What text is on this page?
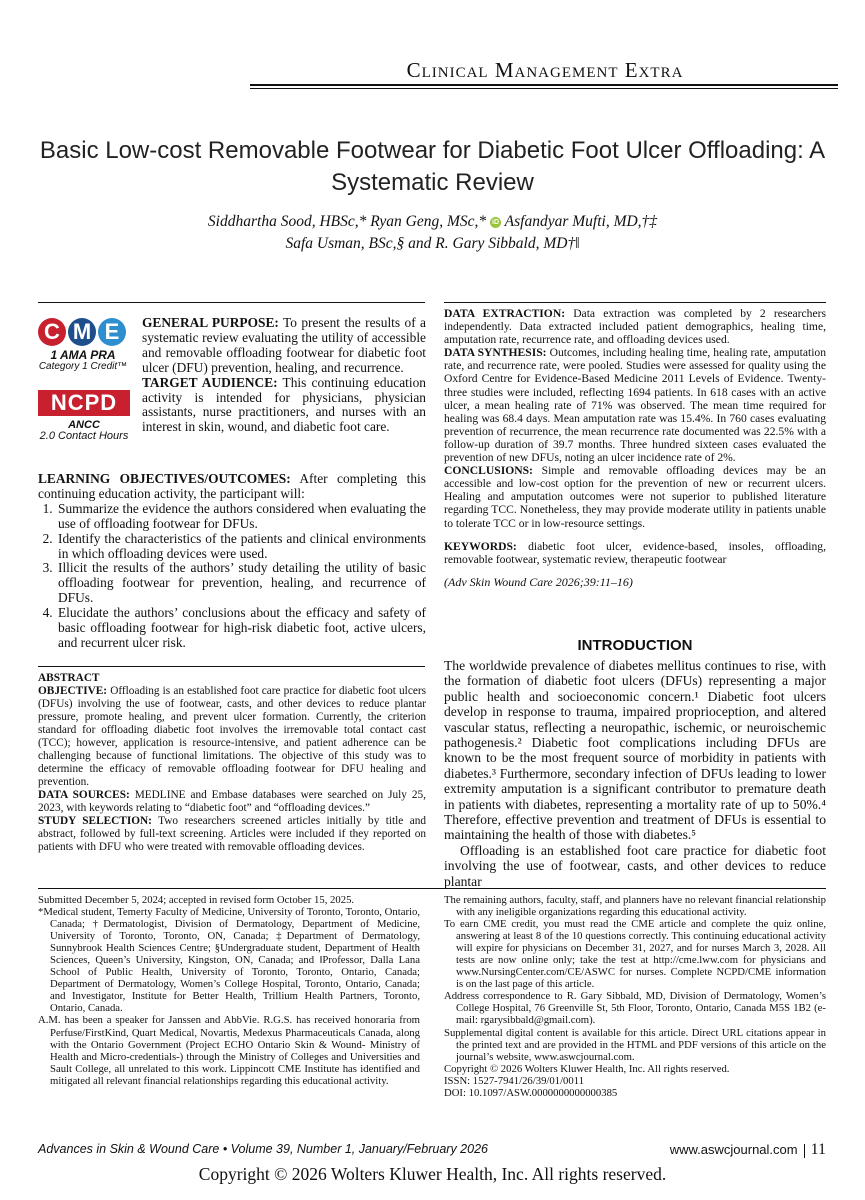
Clinical Management Extra
Basic Low-cost Removable Footwear for Diabetic Foot Ulcer Offloading: A Systematic Review
Siddhartha Sood, HBSc,* Ryan Geng, MSc,* iD Asfandyar Mufti, MD,†‡
Safa Usman, BSc,§ and R. Gary Sibbald, MD†‖
C M E
1 AMA PRA
Category 1 Credit™
NCPD
ANCC
2.0 Contact Hours

GENERAL PURPOSE: To present the results of a systematic review evaluating the utility of accessible and removable offloading footwear for diabetic foot ulcer (DFU) prevention, healing, and recurrence.

TARGET AUDIENCE: This continuing education activity is intended for physicians, physician assistants, nurse practitioners, and nurses with an interest in skin, wound, and diabetic foot care.

LEARNING OBJECTIVES/OUTCOMES: After completing this continuing education activity, the participant will:

1. Summarize the evidence the authors considered when evaluating the use of offloading footwear for DFUs.
2. Identify the characteristics of the patients and clinical environments in which offloading devices were used.
3. Illicit the results of the authors’ study detailing the utility of basic offloading footwear for prevention, healing, and recurrence of DFUs.
4. Elucidate the authors’ conclusions about the efficacy and safety of basic offloading footwear for high-risk diabetic foot, active ulcers, and recurrent ulcer risk.

ABSTRACT

OBJECTIVE: Offloading is an established foot care practice for diabetic foot ulcers (DFUs) involving the use of footwear, casts, and other devices to reduce plantar pressure, promote healing, and prevent ulcer formation. Currently, the criterion standard for offloading diabetic foot involves the irremovable total contact cast (TCC); however, application is resource-intensive, and patient adherence can be challenging because of functional limitations. The objective of this study was to determine the efficacy of removable offloading footwear for DFU healing and prevention.

DATA SOURCES: MEDLINE and Embase databases were searched on July 25, 2023, with keywords relating to “diabetic foot” and “offloading devices.”

STUDY SELECTION: Two researchers screened articles initially by title and abstract, followed by full-text screening. Articles were included if they reported on patients with DFU who were treated with removable offloading devices.

DATA EXTRACTION: Data extraction was completed by 2 researchers independently. Data extracted included patient demographics, healing time, amputation rate, recurrence rate, and offloading devices used.

DATA SYNTHESIS: Outcomes, including healing time, healing rate, amputation rate, and recurrence rate, were pooled. Studies were assessed for quality using the Oxford Centre for Evidence-Based Medicine 2011 Levels of Evidence. Twenty-three studies were included, reflecting 1694 patients. In 618 cases with an active ulcer, a mean healing rate of 71% was observed. The mean time required for healing was 68.4 days. Mean amputation rate was 15.4%. In 760 cases evaluating prevention of recurrence, the mean recurrence rate documented was 22.5% with a follow-up duration of 39.7 months. Three hundred sixteen cases evaluated the prevention of new DFUs, noting an ulcer incidence rate of 2%.

CONCLUSIONS: Simple and removable offloading devices may be an accessible and low-cost option for the prevention of new or recurrent ulcers. Healing and amputation outcomes were not superior to published literature regarding TCC. Nonetheless, they may provide moderate utility in patients unable to tolerate TCC or in low-resource settings.

KEYWORDS: diabetic foot ulcer, evidence-based, insoles, offloading, removable footwear, systematic review, therapeutic footwear

(Adv Skin Wound Care 2026;39:11–16)

INTRODUCTION

The worldwide prevalence of diabetes mellitus continues to rise, with the formation of diabetic foot ulcers (DFUs) representing a major public health and socioeconomic concern.¹ Diabetic foot ulcers develop in response to trauma, impaired proprioception, and altered vascular status, reflecting a neuropathic, ischemic, or neuroischemic pathogenesis.² Diabetic foot complications including DFUs are known to be the most frequent source of morbidity in patients with diabetes.³ Furthermore, secondary infection of DFUs leading to lower extremity amputation is a significant contributor to premature death in patients with diabetes, representing a mortality rate of up to 50%.⁴ Therefore, effective prevention and treatment of DFUs is essential to maintaining the health of those with diabetes.⁵

Offloading is an established foot care practice for diabetic foot involving the use of footwear, casts, and other devices to reduce plantar

Submitted December 5, 2024; accepted in revised form October 15, 2025.

*Medical student, Temerty Faculty of Medicine, University of Toronto, Toronto, Ontario, Canada; †Dermatologist, Division of Dermatology, Department of Medicine, University of Toronto, Toronto, ON, Canada; ‡Department of Dermatology, Sunnybrook Health Sciences Centre; §Undergraduate student, Department of Health Sciences, Queen’s University, Kingston, ON, Canada; and ‖Professor, Dalla Lana School of Public Health, University of Toronto, Toronto, Ontario, Canada; Department of Dermatology, Women’s College Hospital, Toronto, Ontario, Canada; and Investigator, Institute for Better Health, Trillium Health Partners, Toronto, Ontario, Canada.

A.M. has been a speaker for Janssen and AbbVie. R.G.S. has received honoraria from Perfuse/FirstKind, Quart Medical, Novartis, Medexus Pharmaceuticals Canada, along with the Ontario Government (Project ECHO Ontario Skin & Wound- Ministry of Health and Micro-credentials-) through the Ministry of Colleges and Universities and Sault College, all unrelated to this work. Lippincott CME Institute has identified and mitigated all relevant financial relationships regarding this educational activity.

The remaining authors, faculty, staff, and planners have no relevant financial relationship with any ineligible organizations regarding this educational activity.

To earn CME credit, you must read the CME article and complete the quiz online, answering at least 8 of the 10 questions correctly. This continuing educational activity will expire for physicians on December 31, 2027, and for nurses March 3, 2028. All tests are now online only; take the test at http://cme.lww.com for physicians and www.NursingCenter.com/CE/ASWC for nurses. Complete NCPD/CME information is on the last page of this article.

Address correspondence to R. Gary Sibbald, MD, Division of Dermatology, Women’s College Hospital, 76 Greenville St, 5th Floor, Toronto, Ontario, Canada M5S 1B2 (e-mail: rgarysibbald@gmail.com).

Supplemental digital content is available for this article. Direct URL citations appear in the printed text and are provided in the HTML and PDF versions of this article on the journal’s website, www.aswcjournal.com.

Copyright © 2026 Wolters Kluwer Health, Inc. All rights reserved.

ISSN: 1527-7941/26/39/01/0011

DOI: 10.1097/ASW.0000000000000385

Advances in Skin & Wound Care • Volume 39, Number 1, January/February 2026	www.aswcjournal.com 11
Copyright © 2026 Wolters Kluwer Health, Inc. All rights reserved.
